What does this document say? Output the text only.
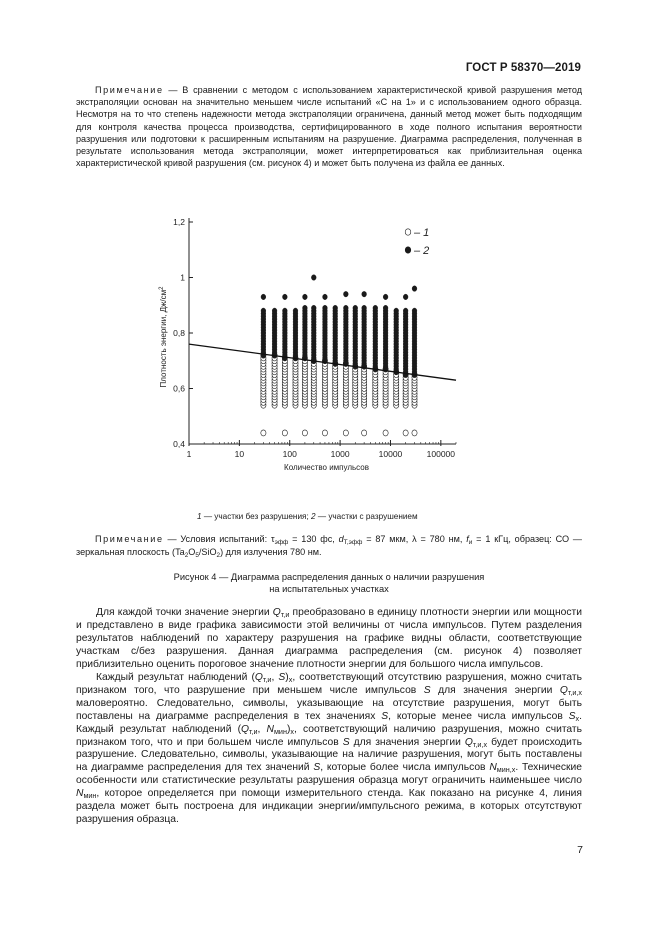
ГОСТ Р 58370—2019
Примечание — В сравнении с методом с использованием характеристической кривой разрушения метод экстраполяции основан на значительно меньшем числе испытаний «С на 1» и с использованием одного образца. Несмотря на то что степень надежности метода экстраполяции ограничена, данный метод может быть подходящим для контроля качества процесса производства, сертифицированного в ходе полного испытания вероятности разрушения или подготовки к расширенным испытаниям на разрушение. Диаграмма распределения, полученная в результате использования метода экстраполяции, может интерпретироваться как приблизительная оценка характеристической кривой разрушения (см. рисунок 4) и может быть получена из файла ее данных.
1	10	100	1000	10000	100000
0,4
0,6
0,8
1
1,2
Количество импульсов
Плотность энергии, $Дж/см^2$
– 1
– 2
1 — участки без разрушения; 2 — участки с разрушением
Примечание — Условия испытаний: $\tau_{эфф} = 130$ фс, $d_{Т,эфф} = 87$ мкм, λ = 780 нм, $f_и = 1$ кГц, образец: СО — зеркальная плоскость $(Ta_2O_5/SiO_2)$ для излучения 780 нм.
Рисунок 4 — Диаграмма распределения данных о наличии разрушения
на испытательных участках

Для каждой точки значение энергии $Q_{т,и}$ преобразовано в единицу плотности энергии или мощности и представлено в виде графика зависимости этой величины от числа импульсов. Путем разделения результатов наблюдений по характеру разрушения на графике видны области, соответствующие участкам с/без разрушения. Данная диаграмма распределения (см. рисунок 4) позволяет приблизительно оценить пороговое значение плотности энергии для большого числа импульсов.

Каждый результат наблюдений ($Q_{т,и}$, $S)_x$, соответствующий отсутствию разрушения, можно считать признаком того, что разрушение при меньшем числе импульсов S для значения энергии $Q_{т,и,x}$ маловероятно. Следовательно, символы, указывающие на отсутствие разрушения, могут быть поставлены на диаграмме распределения в тех значениях S, которые менее числа импульсов $S_x$. Каждый результат наблюдений ($Q_{т,и}$, $N_{мин})_x$, соответствующий наличию разрушения, можно считать признаком того, что и при большем числе импульсов S для значения энергии $Q_{т,и,x}$ будет происходить разрушение. Следовательно, символы, указывающие на наличие разрушения, могут быть поставлены на диаграмме распределения для тех значений S, которые более числа импульсов $N_{мин,x}$. Технические особенности или статистические результаты разрушения образца могут ограничить наименьшее число $N_{мин}$, которое определяется при помощи измерительного стенда. Как показано на рисунке 4, линия раздела может быть построена для индикации энергии/импульсного режима, в которых отсутствуют разрушения образца.

7
